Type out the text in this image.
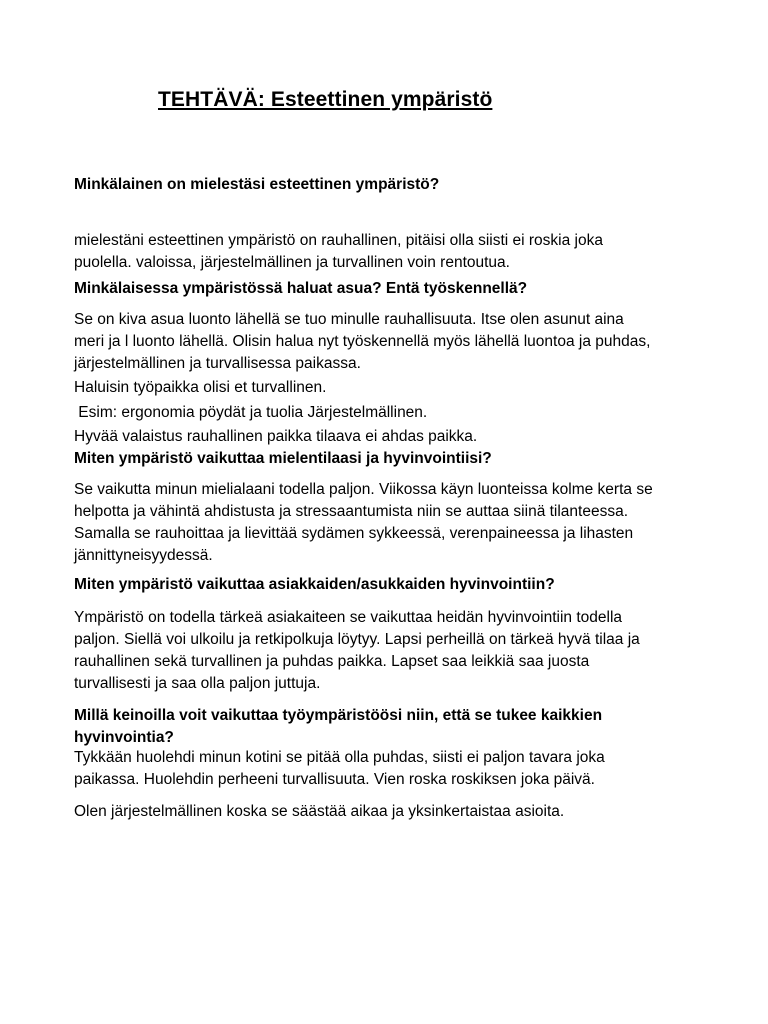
TEHTÄVÄ: Esteettinen ympäristö

Minkälainen on mielestäsi esteettinen ympäristö?

mielestäni esteettinen ympäristö on rauhallinen, pitäisi olla siisti ei roskia joka
puolella. valoissa, järjestelmällinen ja turvallinen voin rentoutua.

Minkälaisessa ympäristössä haluat asua? Entä työskennellä?

Se on kiva asua luonto lähellä se tuo minulle rauhallisuuta. Itse olen asunut aina
meri ja l luonto lähellä. Olisin halua nyt työskennellä myös lähellä luontoa ja puhdas,
järjestelmällinen ja turvallisessa paikassa.
Haluisin työpaikka olisi et turvallinen.
Esim: ergonomia pöydät ja tuolia Järjestelmällinen.
Hyvää valaistus rauhallinen paikka tilaava ei ahdas paikka.

Miten ympäristö vaikuttaa mielentilaasi ja hyvinvointiisi?

Se vaikutta minun mielialaani todella paljon. Viikossa käyn luonteissa kolme kerta se
helpotta ja vähintä ahdistusta ja stressaantumista niin se auttaa siinä tilanteessa.
Samalla se rauhoittaa ja lievittää sydämen sykkeessä, verenpaineessa ja lihasten
jännittyneisyydessä.

Miten ympäristö vaikuttaa asiakkaiden/asukkaiden hyvinvointiin?

Ympäristö on todella tärkeä asiakaiteen se vaikuttaa heidän hyvinvointiin todella
paljon. Siellä voi ulkoilu ja retkipolkuja löytyy. Lapsi perheillä on tärkeä hyvä tilaa ja
rauhallinen sekä turvallinen ja puhdas paikka. Lapset saa leikkiä saa juosta
turvallisesti ja saa olla paljon juttuja.

Millä keinoilla voit vaikuttaa työympäristöösi niin, että se tukee kaikkien
hyvinvointia?

Tykkään huolehdi minun kotini se pitää olla puhdas, siisti ei paljon tavara joka
paikassa. Huolehdin perheeni turvallisuuta. Vien roska roskiksen joka päivä.

Olen järjestelmällinen koska se säästää aikaa ja yksinkertaistaa asioita.
